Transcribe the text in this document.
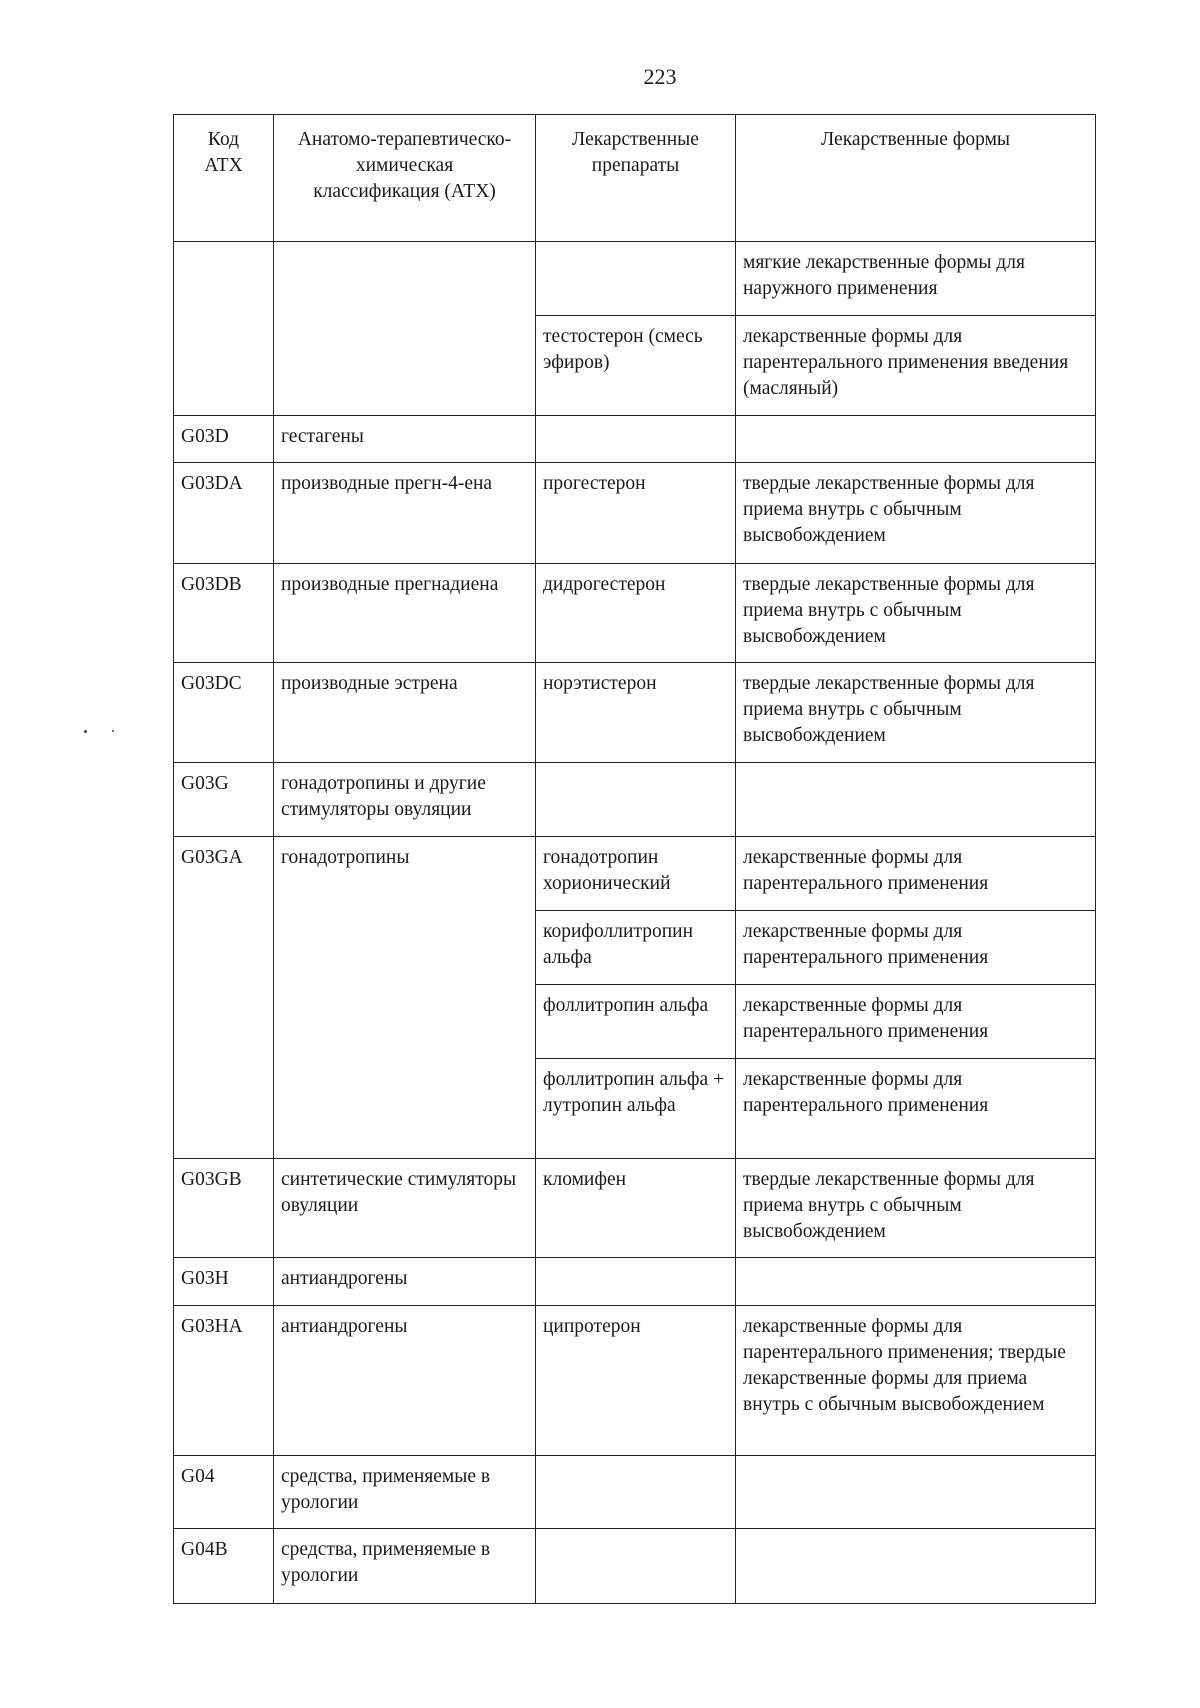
223
Код АТХ	Анатомо-терапевтическо-химическая классификация (АТХ)	Лекарственные препараты	Лекарственные формы
			мягкие лекарственные формы для наружного применения
		тестостерон (смесь эфиров)	лекарственные формы для парентерального применения введения (масляный)
G03D	гестагены		
G03DA	производные прегн-4-ена	прогестерон	твердые лекарственные формы для приема внутрь с обычным высвобождением
G03DB	производные прегнадиена	дидрогестерон	твердые лекарственные формы для приема внутрь с обычным высвобождением
G03DC	производные эстрена	норэтистерон	твердые лекарственные формы для приема внутрь с обычным высвобождением
G03G	гонадотропины и другие стимуляторы овуляции		
G03GA	гонадотропины	гонадотропин хорионический	лекарственные формы для парентерального применения
		корифоллитропин альфа	лекарственные формы для парентерального применения
		фоллитропин альфа	лекарственные формы для парентерального применения
		фоллитропин альфа + лутропин альфа	лекарственные формы для парентерального применения
G03GB	синтетические стимуляторы овуляции	кломифен	твердые лекарственные формы для приема внутрь с обычным высвобождением
G03H	антиандрогены		
G03HA	антиандрогены	ципротерон	лекарственные формы для парентерального применения; твердые лекарственные формы для приема внутрь с обычным высвобождением
G04	средства, применяемые в урологии		
G04B	средства, применяемые в урологии		
